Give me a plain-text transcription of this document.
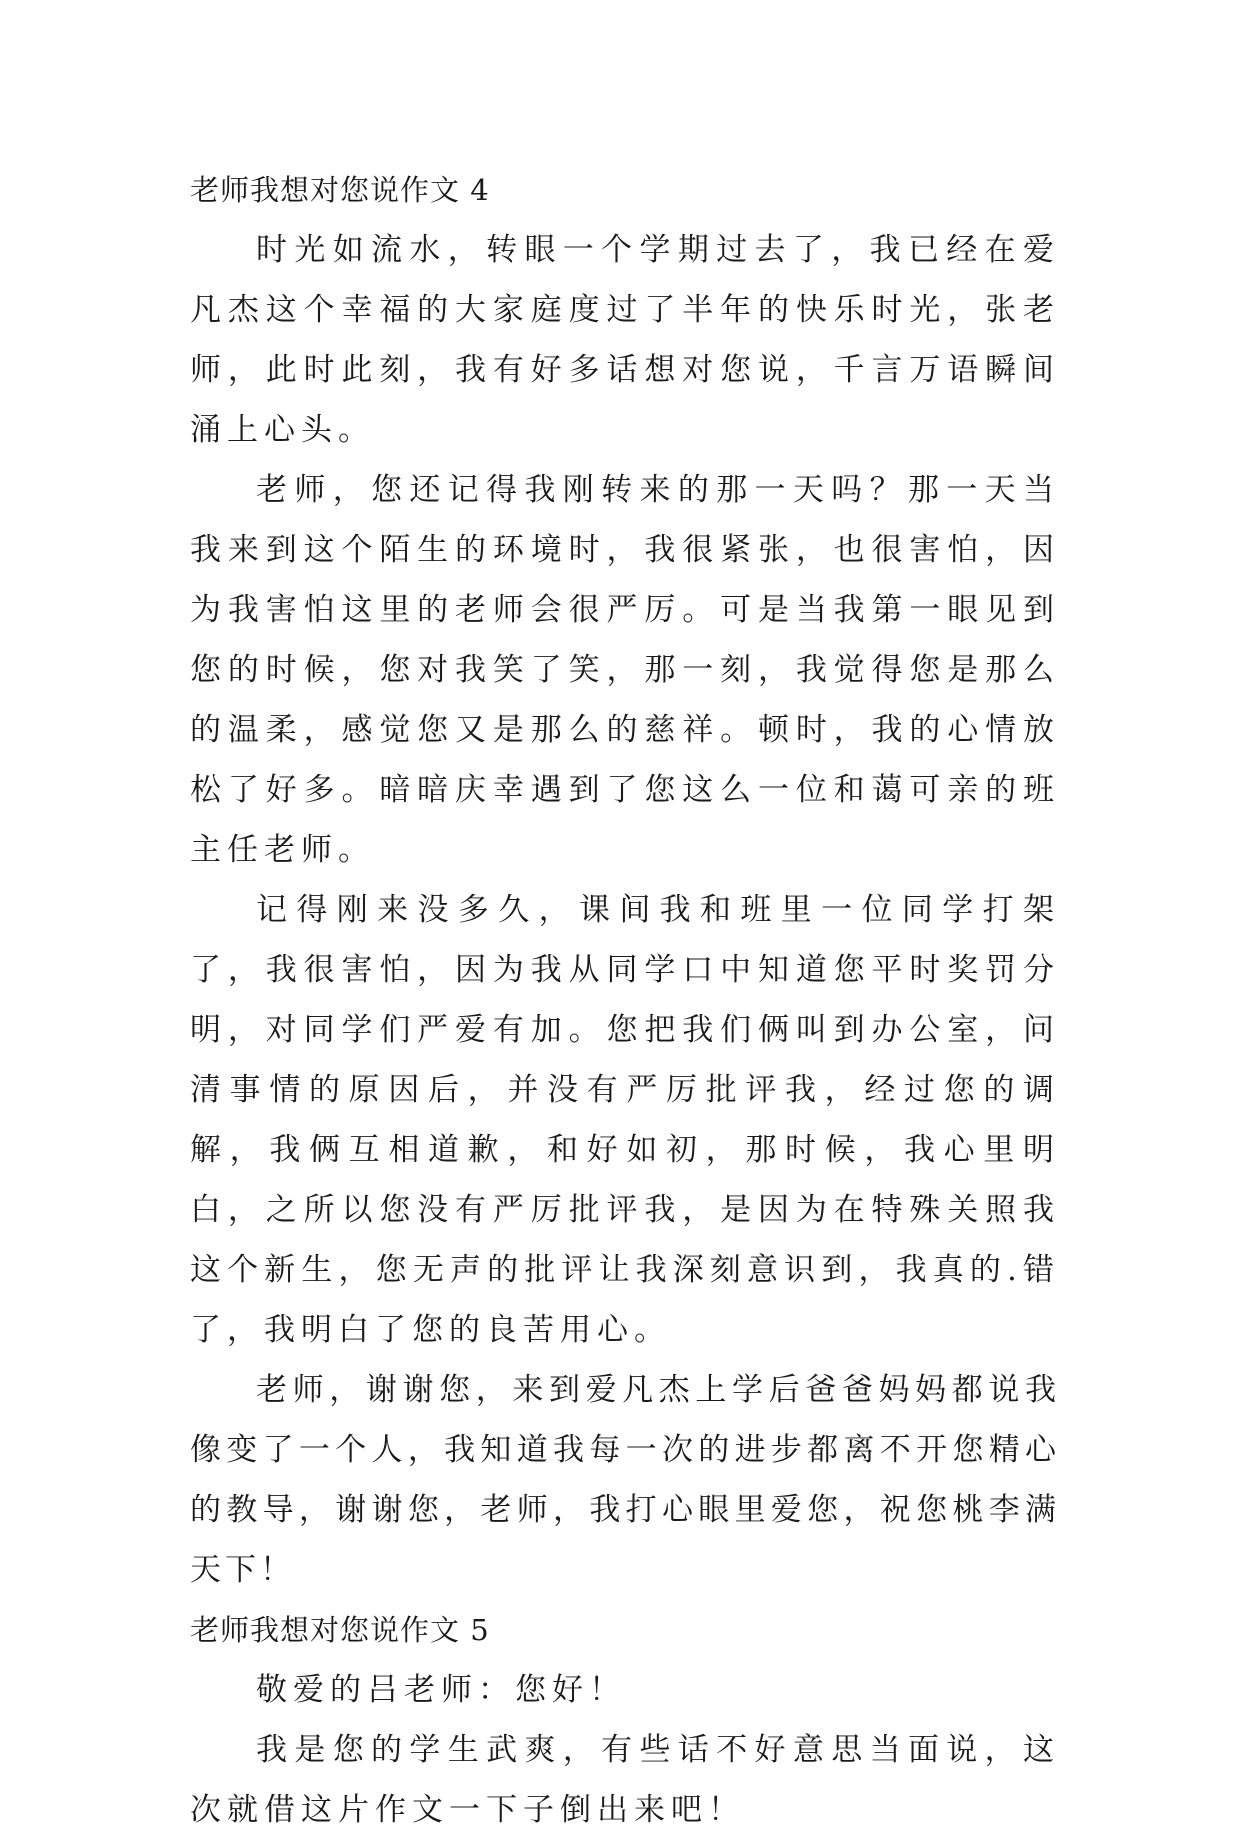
老师我想对您说作文 4

时光如流水，转眼一个学期过去了，我已经在爱凡杰这个幸福的大家庭度过了半年的快乐时光，张老师，此时此刻，我有好多话想对您说，千言万语瞬间涌上心头。

老师，您还记得我刚转来的那一天吗？那一天当我来到这个陌生的环境时，我很紧张，也很害怕，因为我害怕这里的老师会很严厉。可是当我第一眼见到您的时候，您对我笑了笑，那一刻，我觉得您是那么的温柔，感觉您又是那么的慈祥。顿时，我的心情放松了好多。暗暗庆幸遇到了您这么一位和蔼可亲的班主任老师。

记得刚来没多久，课间我和班里一位同学打架了，我很害怕，因为我从同学口中知道您平时奖罚分明，对同学们严爱有加。您把我们俩叫到办公室，问清事情的原因后，并没有严厉批评我，经过您的调解，我俩互相道歉，和好如初，那时候，我心里明白，之所以您没有严厉批评我，是因为在特殊关照我这个新生，您无声的批评让我深刻意识到，我真的.错了，我明白了您的良苦用心。

老师，谢谢您，来到爱凡杰上学后爸爸妈妈都说我像变了一个人，我知道我每一次的进步都离不开您精心的教导，谢谢您，老师，我打心眼里爱您，祝您桃李满天下！

老师我想对您说作文 5

敬爱的吕老师：您好！

我是您的学生武爽，有些话不好意思当面说，这次就借这片作文一下子倒出来吧！
